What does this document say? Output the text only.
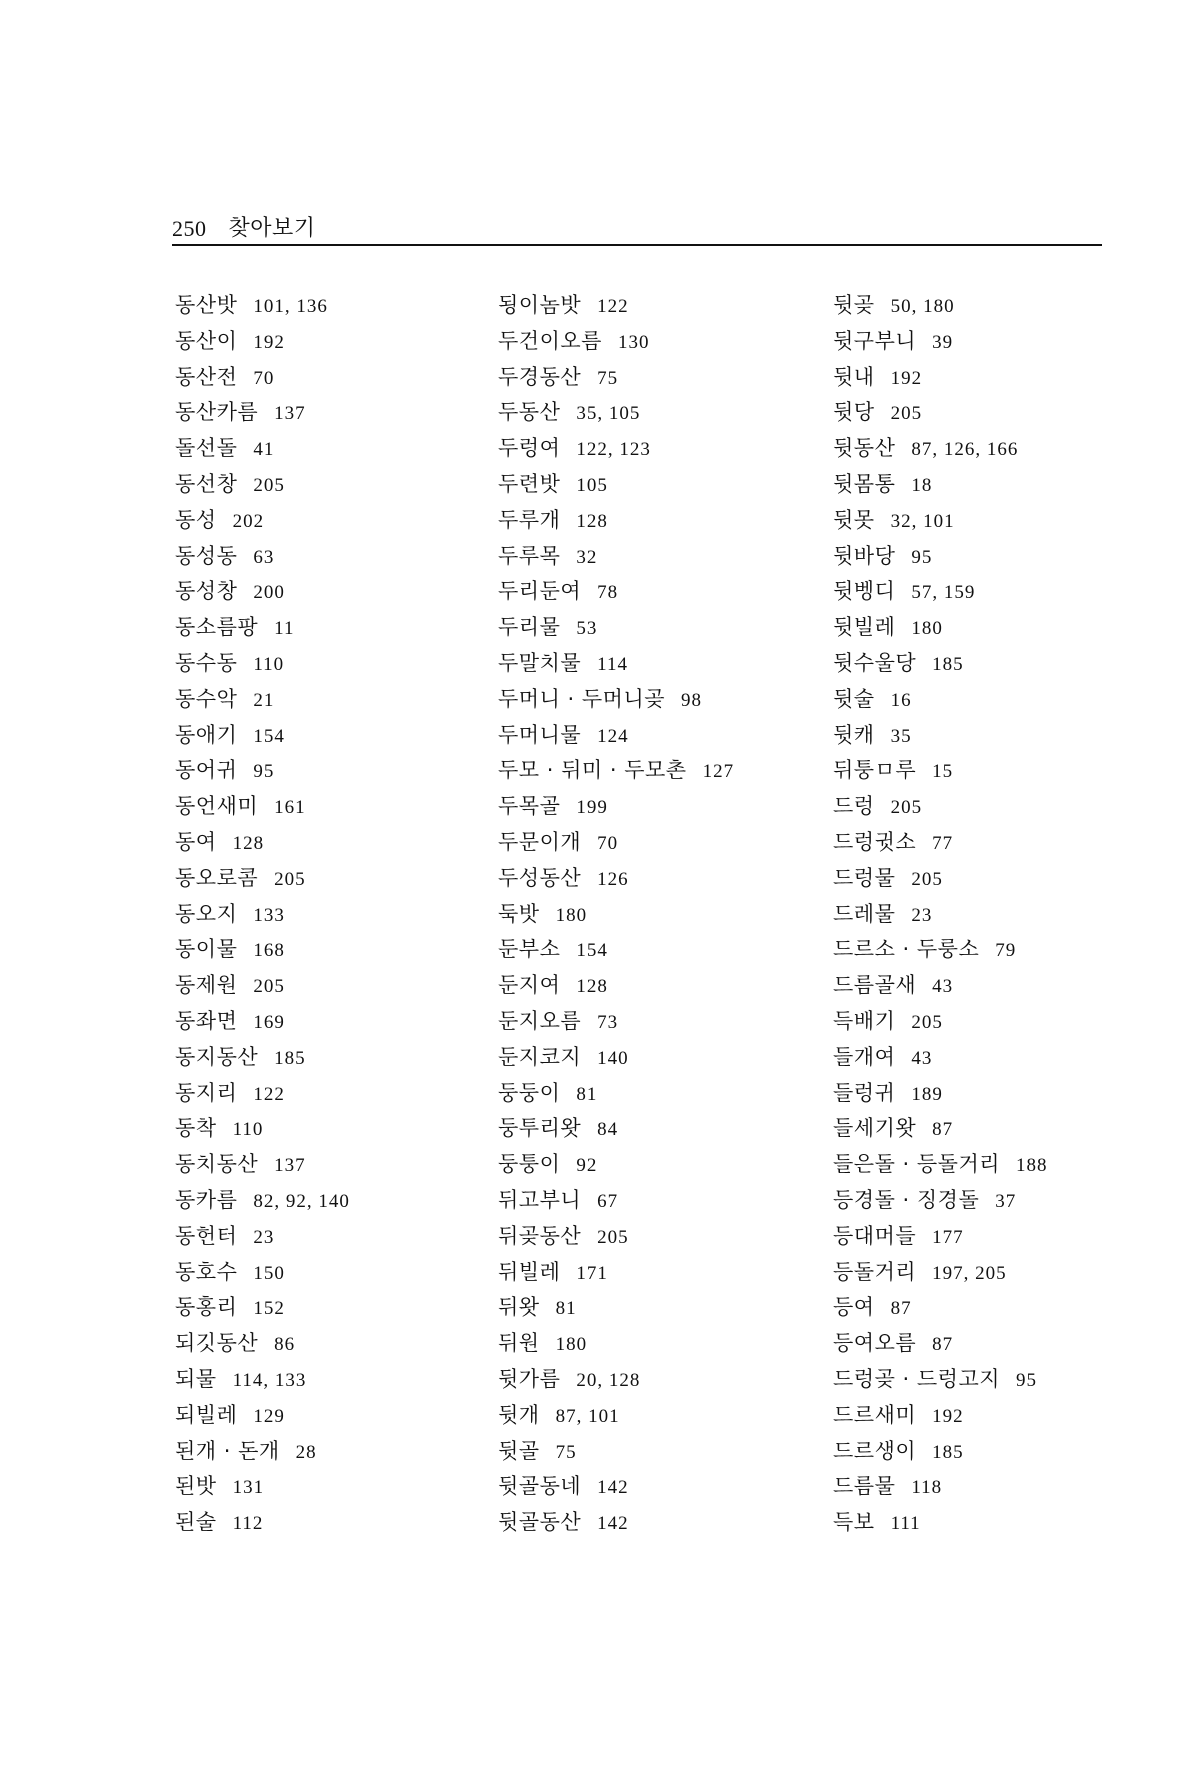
250 찾아보기
동산밧 101, 136
동산이 192
동산전 70
동산카름 137
돌선돌 41
동선창 205
동성 202
동성동 63
동성창 200
동소름팡 11
동수동 110
동수악 21
동애기 154
동어귀 95
동언새미 161
동여 128
동오로콤 205
동오지 133
동이물 168
동제원 205
동좌면 169
동지동산 185
동지리 122
동착 110
동치동산 137
동카름 82, 92, 140
동헌터 23
동호수 150
동홍리 152
되깃동산 86
되물 114, 133
되빌레 129
된개 · 돈개 28
된밧 131
된술 112
됭이놈밧 122
두건이오름 130
두경동산 75
두동산 35, 105
두렁여 122, 123
두련밧 105
두루개 128
두루목 32
두리둔여 78
두리물 53
두말치물 114
두머니 · 두머니곶 98
두머니물 124
두모 · 뒤미 · 두모촌 127
두목골 199
두문이개 70
두성동산 126
둑밧 180
둔부소 154
둔지여 128
둔지오름 73
둔지코지 140
둥둥이 81
둥투리왓 84
둥퉁이 92
뒤고부니 67
뒤곶동산 205
뒤빌레 171
뒤왓 81
뒤원 180
뒷가름 20, 128
뒷개 87, 101
뒷골 75
뒷골동네 142
뒷골동산 142
뒷곶 50, 180
뒷구부니 39
뒷내 192
뒷당 205
뒷동산 87, 126, 166
뒷몸통 18
뒷못 32, 101
뒷바당 95
뒷벵디 57, 159
뒷빌레 180
뒷수울당 185
뒷술 16
뒷캐 35
뒤퉁ㅁ루 15
드렁 205
드렁귓소 77
드렁물 205
드레물 23
드르소 · 두룽소 79
드름골새 43
득배기 205
들개여 43
들렁귀 189
들세기왓 87
들은돌 · 등돌거리 188
등경돌 · 징경돌 37
등대머들 177
등돌거리 197, 205
등여 87
등여오름 87
드렁곶 · 드렁고지 95
드르새미 192
드르생이 185
드름물 118
득보 111
